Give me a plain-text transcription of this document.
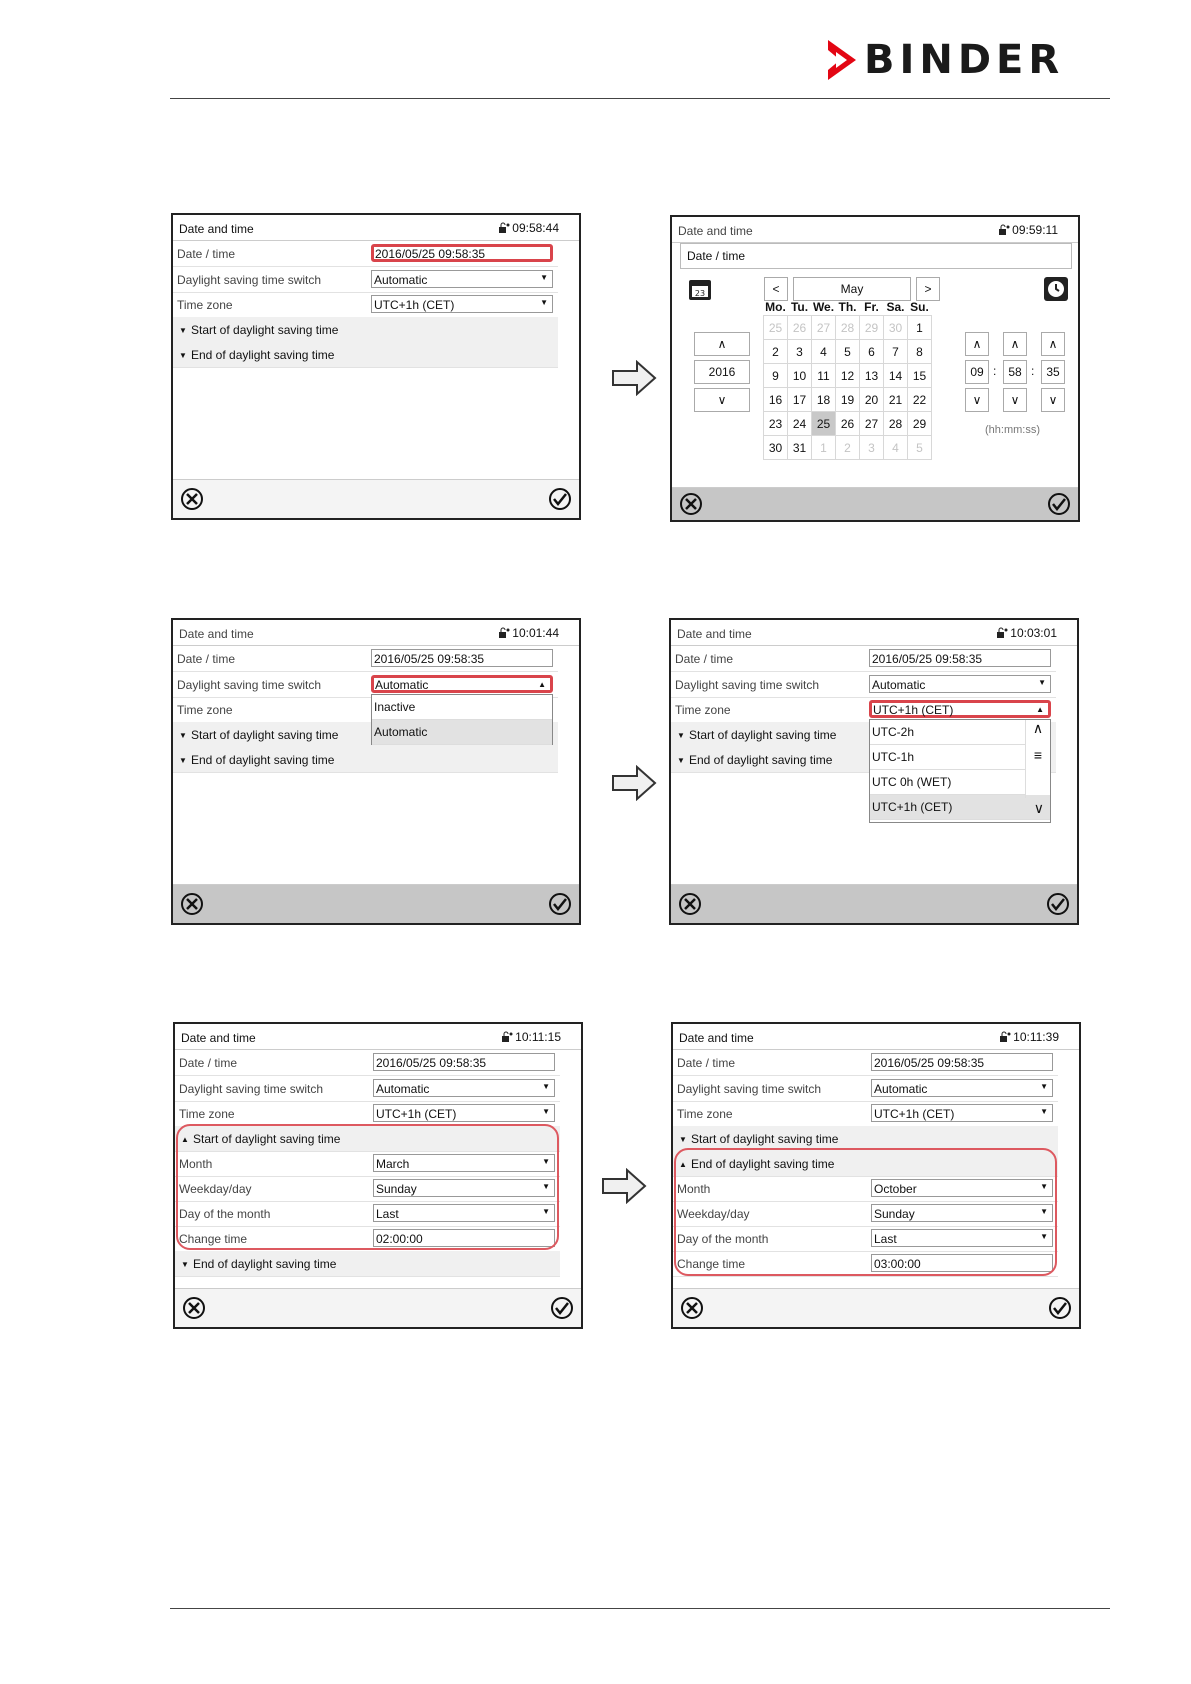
BINDER
Date and time	09:58:44
Date / time	2016/05/25 09:58:35
Daylight saving time switch	Automatic	▼
Time zone	UTC+1h (CET)	▼
▼ Start of daylight saving time
▼ End of daylight saving time
Date and time	09:59:11
Date / time
23	<	May	>
∧
2016
∨
Mo.	Tu.	We.	Th.	Fr.	Sa.	Su.
25	26	27	28	29	30	1
2	3	4	5	6	7	8
9	10	11	12	13	14	15
16	17	18	19	20	21	22
23	24	25	26	27	28	29
30	31	1	2	3	4	5
∧	∧	∧
09 : 58 : 35
∨	∨	∨
(hh:mm:ss)
Date and time	10:01:44
Date / time	2016/05/25 09:58:35
Daylight saving time switch	Automatic	▲
Time zone
▼ Start of daylight saving time
▼ End of daylight saving time
Inactive
Automatic
Date and time	10:03:01
Date / time	2016/05/25 09:58:35
Daylight saving time switch	Automatic	▼
Time zone	UTC+1h (CET)	▲
▼ Start of daylight saving time
▼ End of daylight saving time
UTC-2h
UTC-1h
UTC 0h (WET)
UTC+1h (CET)
∧
≡
∨
Date and time	10:11:15
Date / time	2016/05/25 09:58:35
Daylight saving time switch	Automatic	▼
Time zone	UTC+1h (CET)	▼
▲ Start of daylight saving time
Month	March	▼
Weekday/day	Sunday	▼
Day of the month	Last	▼
Change time	02:00:00
▼ End of daylight saving time
Date and time	10:11:39
Date / time	2016/05/25 09:58:35
Daylight saving time switch	Automatic	▼
Time zone	UTC+1h (CET)	▼
▼ Start of daylight saving time
▲ End of daylight saving time
Month	October	▼
Weekday/day	Sunday	▼
Day of the month	Last	▼
Change time	03:00:00
